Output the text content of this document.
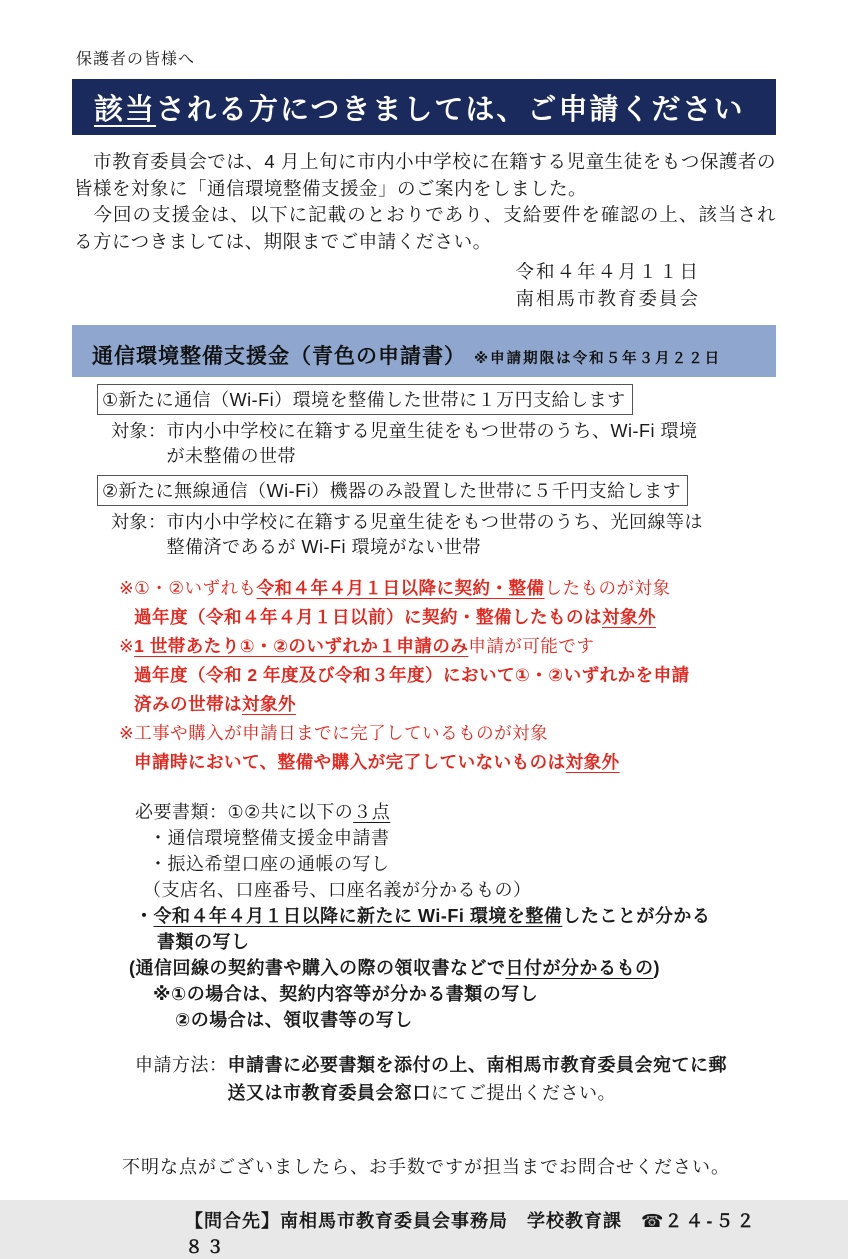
保護者の皆様へ
該当 される方につきましては、ご 申請ください
　市教育委員会では、4 月上旬に市内小中学校に在籍する児童生徒をもつ保護者の皆様を対象に「通信環境整備支援金」のご案内をしました。
　今回の支援金は、以下に記載のとおりであり、支給要件を確認の上、該当される方につきましては、期限までご申請ください。
令和４年４月１１日
南相馬市教育委員会
通信環境整備支援金（青色の申請書） ※申請期限は令和５年３月２２日
①新たに通信（Wi-Fi）環境を整備した世帯に１万円支給します
対象： 市内小中学校に在籍する児童生徒をもつ世帯のうち、Wi-Fi 環境
が未整備の世帯
②新たに無線通信（Wi-Fi）機器のみ設置した世帯に５千円支給します
対象： 市内小中学校に在籍する児童生徒をもつ世帯のうち、光回線等は
整備済であるが Wi-Fi 環境がない世帯
※①・②いずれも令和４年４月１日以降に契約・整備したものが対象
過年度（令和４年４月１日以前）に契約・整備したものは対象外
※1 世帯あたり①・②のいずれか１申請のみ申請が可能です
過年度（令和 2 年度及び令和３年度）において①・②いずれかを申請
済みの世帯は対象外
※工事や購入が申請日までに完了しているものが対象
申請時において、整備や購入が完了していないものは対象外
必要書類：①②共に以下の３点
・通信環境整備支援金申請書
・振込希望口座の通帳の写し
（支店名、口座番号、口座名義が分かるもの）
・令和４年４月１日以降に新たに Wi-Fi 環境を整備したことが分かる
書類の写し
(通信回線の契約書や購入の際の領収書などで日付が分かるもの)
※①の場合は、契約内容等が分かる書類の写し
②の場合は、領収書等の写し
申請方法： 申請書に必要書類を添付の上、南相馬市教育委員会宛てに郵
送又は市教育委員会窓口にてご提出ください。
不明な点がございましたら、お手数ですが担当までお問合せください。
【問合先】南相馬市教育委員会事務局　学校教育課　☎２４‐５２８３
